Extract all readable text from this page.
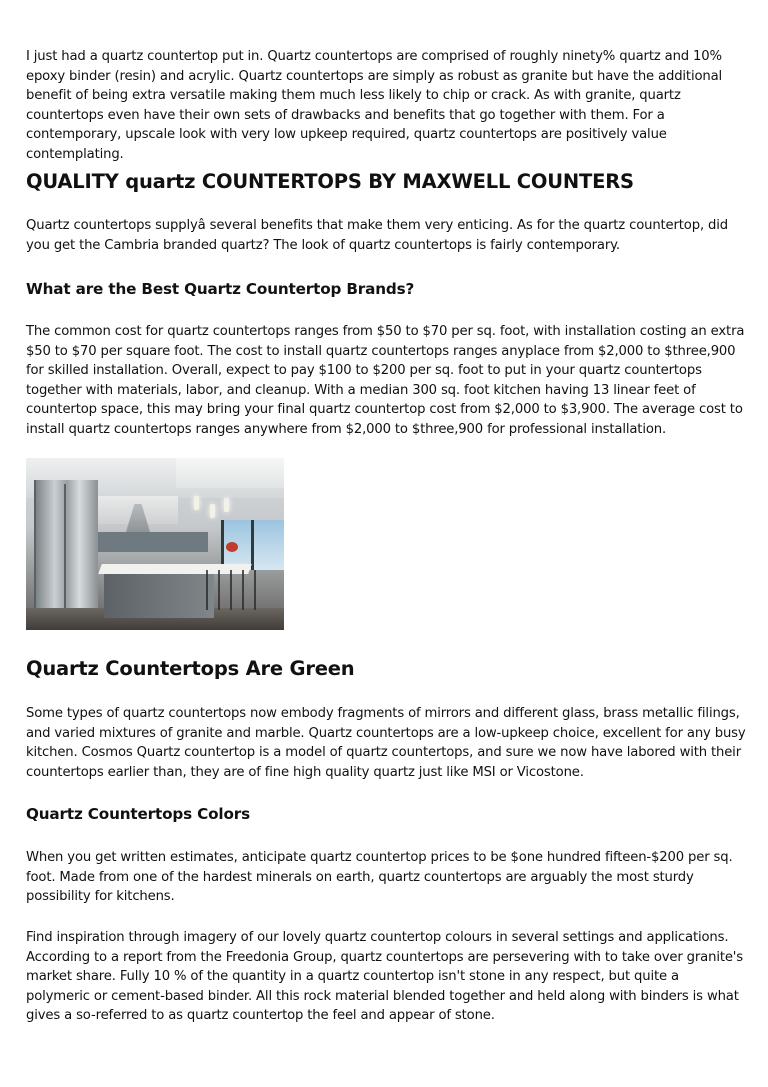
I just had a quartz countertop put in. Quartz countertops are comprised of roughly ninety% quartz and 10% epoxy binder (resin) and acrylic. Quartz countertops are simply as robust as granite but have the additional benefit of being extra versatile making them much less likely to chip or crack. As with granite, quartz countertops even have their own sets of drawbacks and benefits that go together with them. For a contemporary, upscale look with very low upkeep required, quartz countertops are positively value contemplating.

QUALITY quartz COUNTERTOPS BY MAXWELL COUNTERS

Quartz countertops supplyâ several benefits that make them very enticing. As for the quartz countertop, did you get the Cambria branded quartz? The look of quartz countertops is fairly contemporary.

What are the Best Quartz Countertop Brands?

The common cost for quartz countertops ranges from $50 to $70 per sq. foot, with installation costing an extra $50 to $70 per square foot. The cost to install quartz countertops ranges anyplace from $2,000 to $three,900 for skilled installation. Overall, expect to pay $100 to $200 per sq. foot to put in your quartz countertops together with materials, labor, and cleanup. With a median 300 sq. foot kitchen having 13 linear feet of countertop space, this may bring your final quartz countertop cost from $2,000 to $3,900. The average cost to install quartz countertops ranges anywhere from $2,000 to $three,900 for professional installation.

Quartz Countertops Are Green

Some types of quartz countertops now embody fragments of mirrors and different glass, brass metallic filings, and varied mixtures of granite and marble. Quartz countertops are a low-upkeep choice, excellent for any busy kitchen. Cosmos Quartz countertop is a model of quartz countertops, and sure we now have labored with their countertops earlier than, they are of fine high quality quartz just like MSI or Vicostone.

Quartz Countertops Colors

When you get written estimates, anticipate quartz countertop prices to be $one hundred fifteen-$200 per sq. foot. Made from one of the hardest minerals on earth, quartz countertops are arguably the most sturdy possibility for kitchens.

Find inspiration through imagery of our lovely quartz countertop colours in several settings and applications. According to a report from the Freedonia Group, quartz countertops are persevering with to take over granite's market share. Fully 10 % of the quantity in a quartz countertop isn't stone in any respect, but quite a polymeric or cement-based binder. All this rock material blended together and held along with binders is what gives a so-referred to as quartz countertop the feel and appear of stone.
